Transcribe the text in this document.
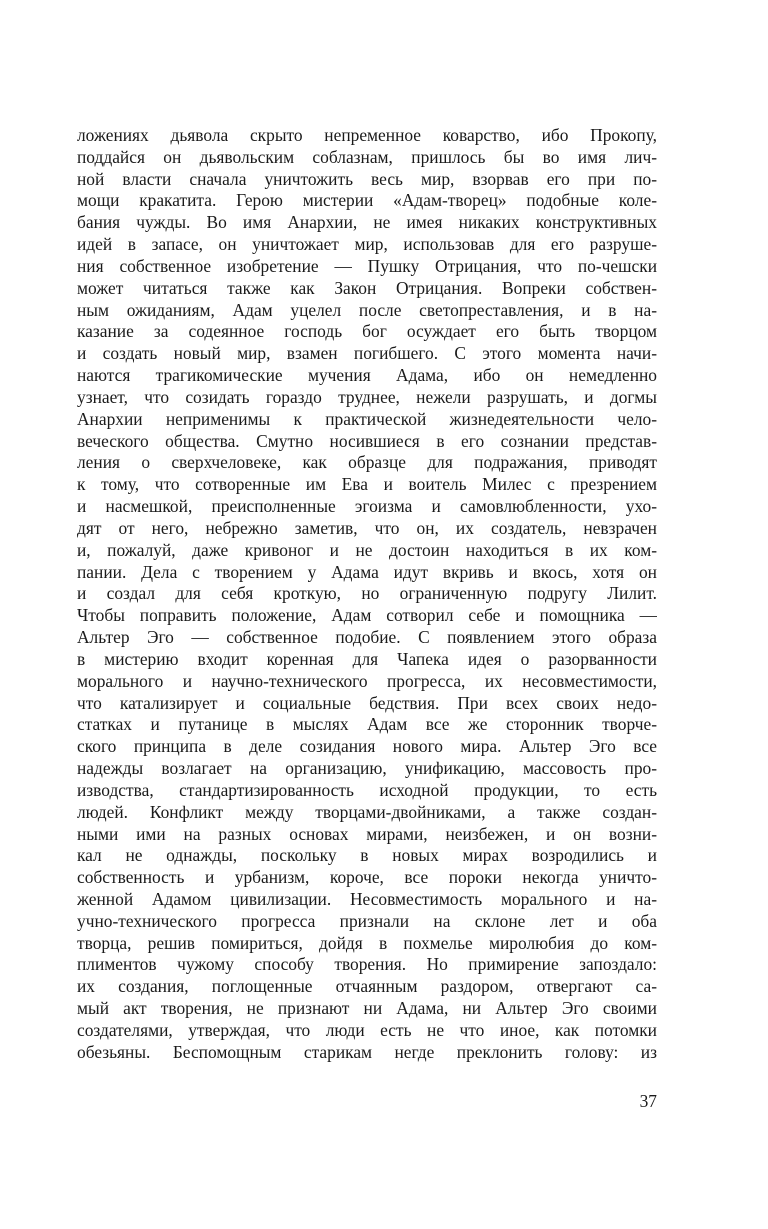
ложениях дьявола скрыто непременное коварство, ибо Прокопу,
поддайся он дьявольским соблазнам, пришлось бы во имя лич-
ной власти сначала уничтожить весь мир, взорвав его при по-
мощи кракатита. Герою мистерии «Адам-творец» подобные коле-
бания чужды. Во имя Анархии, не имея никаких конструктивных
идей в запасе, он уничтожает мир, использовав для его разруше-
ния собственное изобретение — Пушку Отрицания, что по-чешски
может читаться также как Закон Отрицания. Вопреки собствен-
ным ожиданиям, Адам уцелел после светопреставления, и в на-
казание за содеянное господь бог осуждает его быть творцом
и создать новый мир, взамен погибшего. С этого момента начи-
наются трагикомические мучения Адама, ибо он немедленно
узнает, что созидать гораздо труднее, нежели разрушать, и догмы
Анархии неприменимы к практической жизнедеятельности чело-
веческого общества. Смутно носившиеся в его сознании представ-
ления о сверхчеловеке, как образце для подражания, приводят
к тому, что сотворенные им Ева и воитель Милес с презрением
и насмешкой, преисполненные эгоизма и самовлюбленности, ухо-
дят от него, небрежно заметив, что он, их создатель, невзрачен
и, пожалуй, даже кривоног и не достоин находиться в их ком-
пании. Дела с творением у Адама идут вкривь и вкось, хотя он
и создал для себя кроткую, но ограниченную подругу Лилит.
Чтобы поправить положение, Адам сотворил себе и помощника —
Альтер Эго — собственное подобие. С появлением этого образа
в мистерию входит коренная для Чапека идея о разорванности
морального и научно-технического прогресса, их несовместимости,
что катализирует и социальные бедствия. При всех своих недо-
статках и путанице в мыслях Адам все же сторонник творче-
ского принципа в деле созидания нового мира. Альтер Эго все
надежды возлагает на организацию, унификацию, массовость про-
изводства, стандартизированность исходной продукции, то есть
людей. Конфликт между творцами-двойниками, а также создан-
ными ими на разных основах мирами, неизбежен, и он возни-
кал не однажды, поскольку в новых мирах возродились и
собственность и урбанизм, короче, все пороки некогда уничто-
женной Адамом цивилизации. Несовместимость морального и на-
учно-технического прогресса признали на склоне лет и оба
творца, решив помириться, дойдя в похмелье миролюбия до ком-
плиментов чужому способу творения. Но примирение запоздало:
их создания, поглощенные отчаянным раздором, отвергают са-
мый акт творения, не признают ни Адама, ни Альтер Эго своими
создателями, утверждая, что люди есть не что иное, как потомки
обезьяны. Беспомощным старикам негде преклонить голову: из
37
